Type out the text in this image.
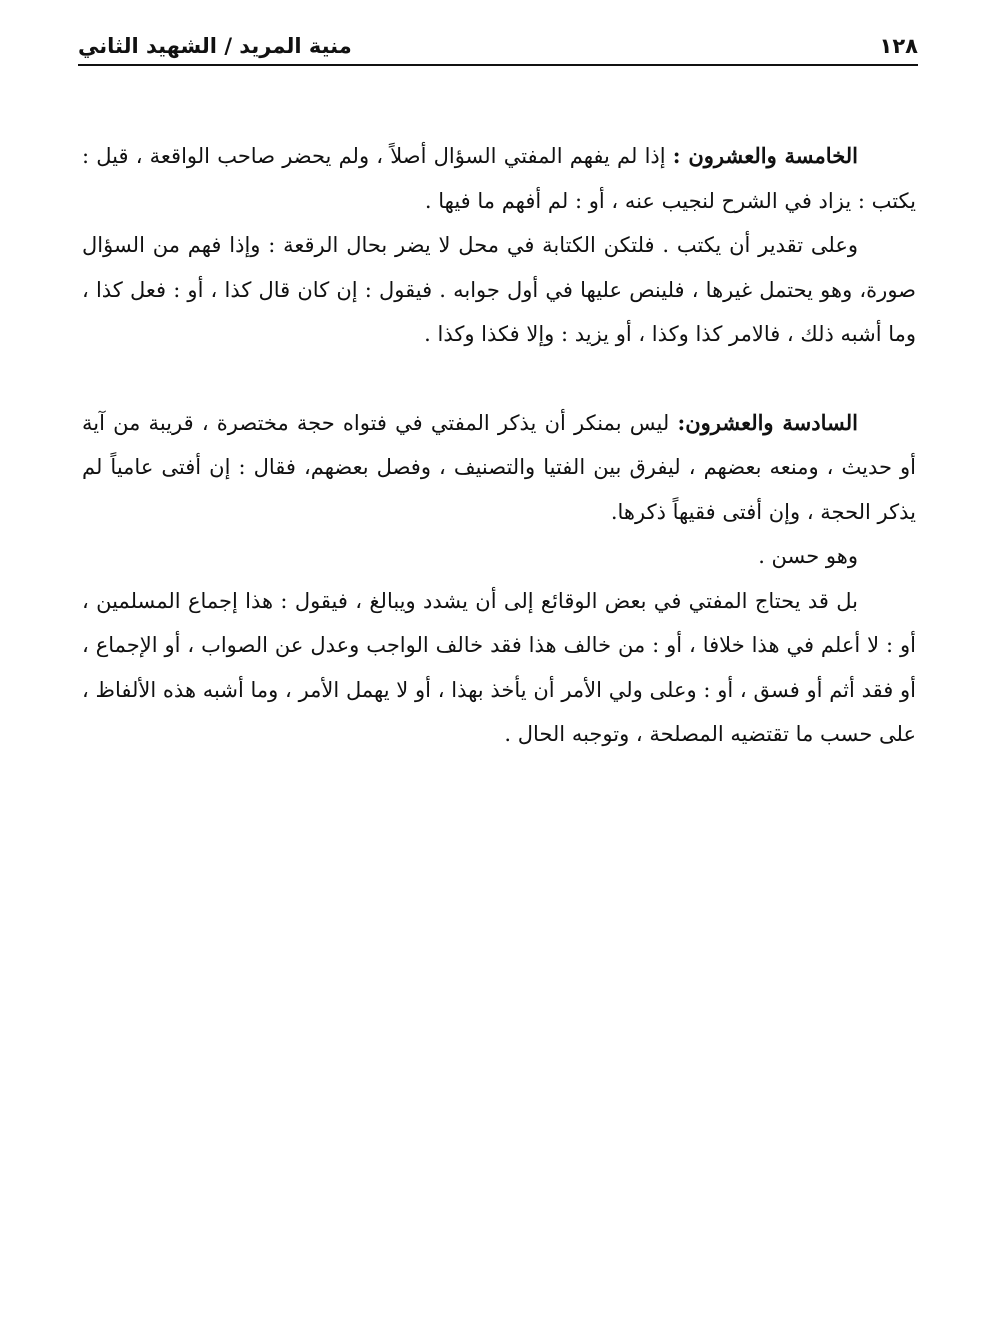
١٢٨
منية المريد / الشهيد الثاني

الخامسة والعشرون : إذا لم يفهم المفتي السؤال أصلاً ، ولم يحضر صاحب الواقعة ، قيل : يكتب : يزاد في الشرح لنجيب عنه ، أو : لم أفهم ما فيها .

وعلى تقدير أن يكتب . فلتكن الكتابة في محل لا يضر بحال الرقعة : وإذا فهم من السؤال صورة، وهو يحتمل غيرها ، فلينص عليها في أول جوابه . فيقول : إن كان قال كذا ، أو : فعل كذا ، وما أشبه ذلك ، فالامر كذا وكذا ، أو يزيد : وإلا فكذا وكذا .

السادسة والعشرون: ليس بمنكر أن يذكر المفتي في فتواه حجة مختصرة ، قريبة من آية أو حديث ، ومنعه بعضهم ، ليفرق بين الفتيا والتصنيف ، وفصل بعضهم، فقال : إن أفتى عامياً لم يذكر الحجة ، وإن أفتى فقيهاً ذكرها.

وهو حسن .

بل قد يحتاج المفتي في بعض الوقائع إلى أن يشدد ويبالغ ، فيقول : هذا إجماع المسلمين ، أو : لا أعلم في هذا خلافا ، أو : من خالف هذا فقد خالف الواجب وعدل عن الصواب ، أو الإجماع ، أو فقد أثم أو فسق ، أو : وعلى ولي الأمر أن يأخذ بهذا ، أو لا يهمل الأمر ، وما أشبه هذه الألفاظ ، على حسب ما تقتضيه المصلحة ، وتوجبه الحال .
